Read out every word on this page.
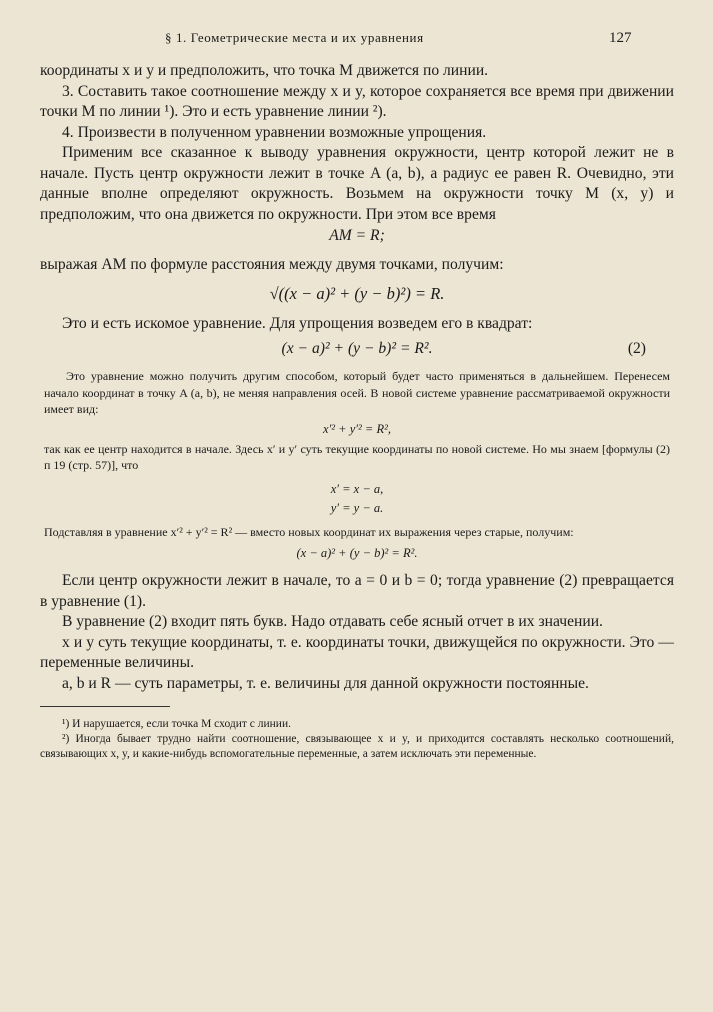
§ 1. Геометрические места и их уравнения	127

координаты x и y и предположить, что точка M движется по линии.

3. Составить такое соотношение между x и y, которое сохраняется все время при движении точки M по линии ¹). Это и есть уравнение линии ²).

4. Произвести в полученном уравнении возможные упрощения.

Применим все сказанное к выводу уравнения окружности, центр которой лежит не в начале. Пусть центр окружности лежит в точке A (a, b), а радиус ее равен R. Очевидно, эти данные вполне определяют окружность. Возьмем на окружности точку M (x, y) и предположим, что она движется по окружности. При этом все время

AM = R;

выражая AM по формуле расстояния между двумя точками, получим:

√((x − a)² + (y − b)²) = R.

Это и есть искомое уравнение. Для упрощения возведем его в квадрат:

(x − a)² + (y − b)² = R².	(2)

Это уравнение можно получить другим способом, который будет часто применяться в дальнейшем. Перенесем начало координат в точку A (a, b), не меняя направления осей. В новой системе уравнение рассматриваемой окружности имеет вид:

x′² + y′² = R²,

так как ее центр находится в начале. Здесь x′ и y′ суть текущие координаты по новой системе. Но мы знаем [формулы (2) п 19 (стр. 57)], что

x′ = x − a,

y′ = y − a.

Подставляя в уравнение x′² + y′² = R² — вместо новых координат их выражения через старые, получим:

(x − a)² + (y − b)² = R².

Если центр окружности лежит в начале, то a = 0 и b = 0; тогда уравнение (2) превращается в уравнение (1).

В уравнение (2) входит пять букв. Надо отдавать себе ясный отчет в их значении.

x и y суть текущие координаты, т. е. координаты точки, движущейся по окружности. Это — переменные величины.

a, b и R — суть параметры, т. е. величины для данной окружности постоянные.

¹) И нарушается, если точка M сходит с линии.

²) Иногда бывает трудно найти соотношение, связывающее x и y, и приходится составлять несколько соотношений, связывающих x, y, и какие-нибудь вспомогательные переменные, а затем исключать эти переменные.
